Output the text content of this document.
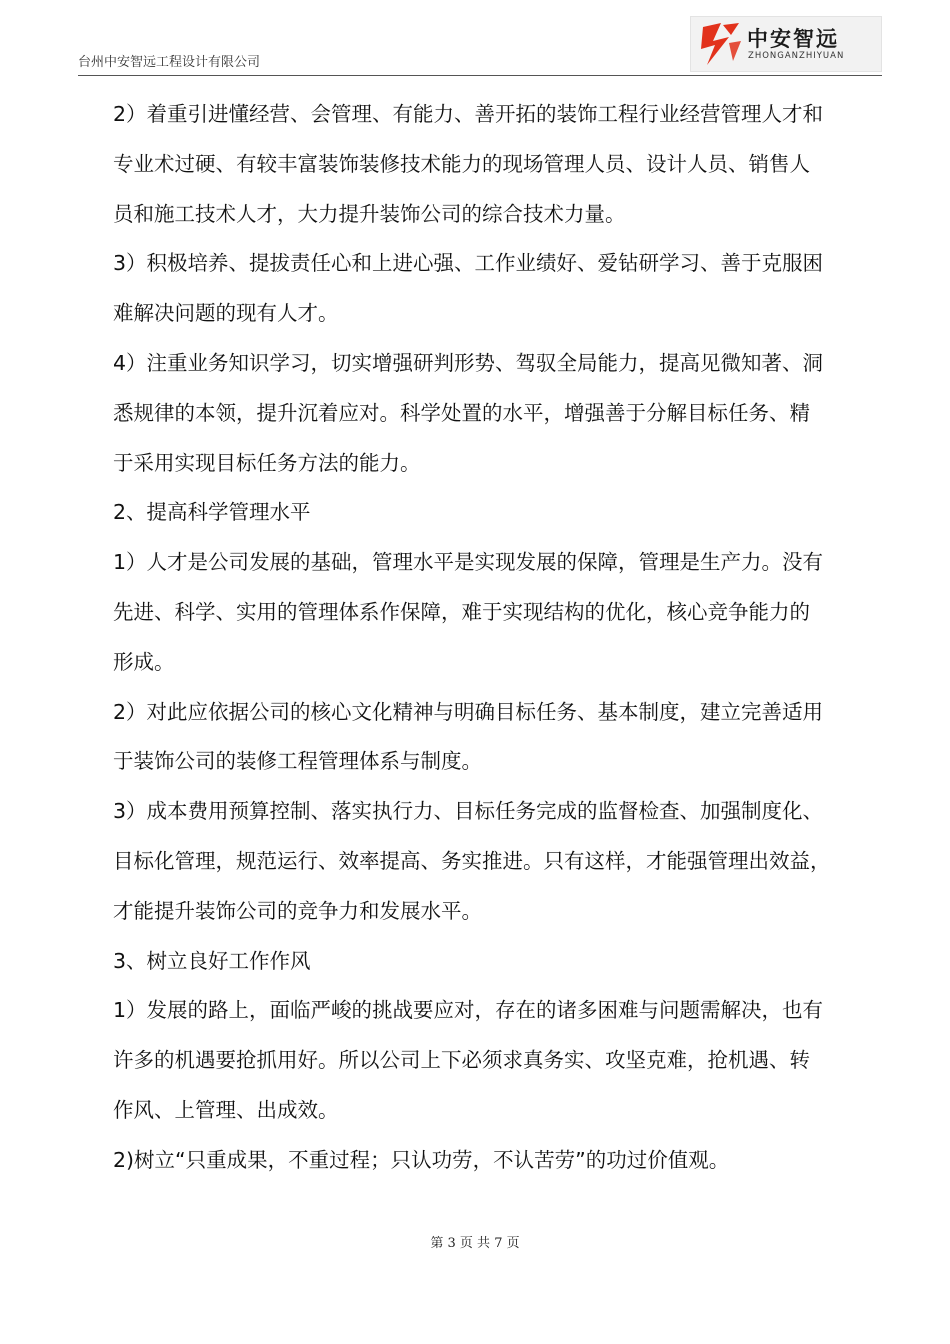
台州中安智远工程设计有限公司
中安智远
ZHONGANZHIYUAN

2）着重引进懂经营、会管理、有能力、善开拓的装饰工程行业经营管理人才和

专业术过硬、有较丰富装饰装修技术能力的现场管理人员、设计人员、销售人

员和施工技术人才，大力提升装饰公司的综合技术力量。

3）积极培养、提拔责任心和上进心强、工作业绩好、爱钻研学习、善于克服困

难解决问题的现有人才。

4）注重业务知识学习，切实增强研判形势、驾驭全局能力，提高见微知著、洞

悉规律的本领，提升沉着应对。科学处置的水平，增强善于分解目标任务、精

于采用实现目标任务方法的能力。

2、提高科学管理水平

1）人才是公司发展的基础，管理水平是实现发展的保障，管理是生产力。没有

先进、科学、实用的管理体系作保障，难于实现结构的优化，核心竞争能力的

形成。

2）对此应依据公司的核心文化精神与明确目标任务、基本制度，建立完善适用

于装饰公司的装修工程管理体系与制度。

3）成本费用预算控制、落实执行力、目标任务完成的监督检查、加强制度化、

目标化管理，规范运行、效率提高、务实推进。只有这样，才能强管理出效益，

才能提升装饰公司的竞争力和发展水平。

3、树立良好工作作风

1）发展的路上，面临严峻的挑战要应对，存在的诸多困难与问题需解决，也有

许多的机遇要抢抓用好。所以公司上下必须求真务实、攻坚克难，抢机遇、转

作风、上管理、出成效。

2)树立“只重成果，不重过程；只认功劳，不认苦劳”的功过价值观。

第 3 页 共 7 页
